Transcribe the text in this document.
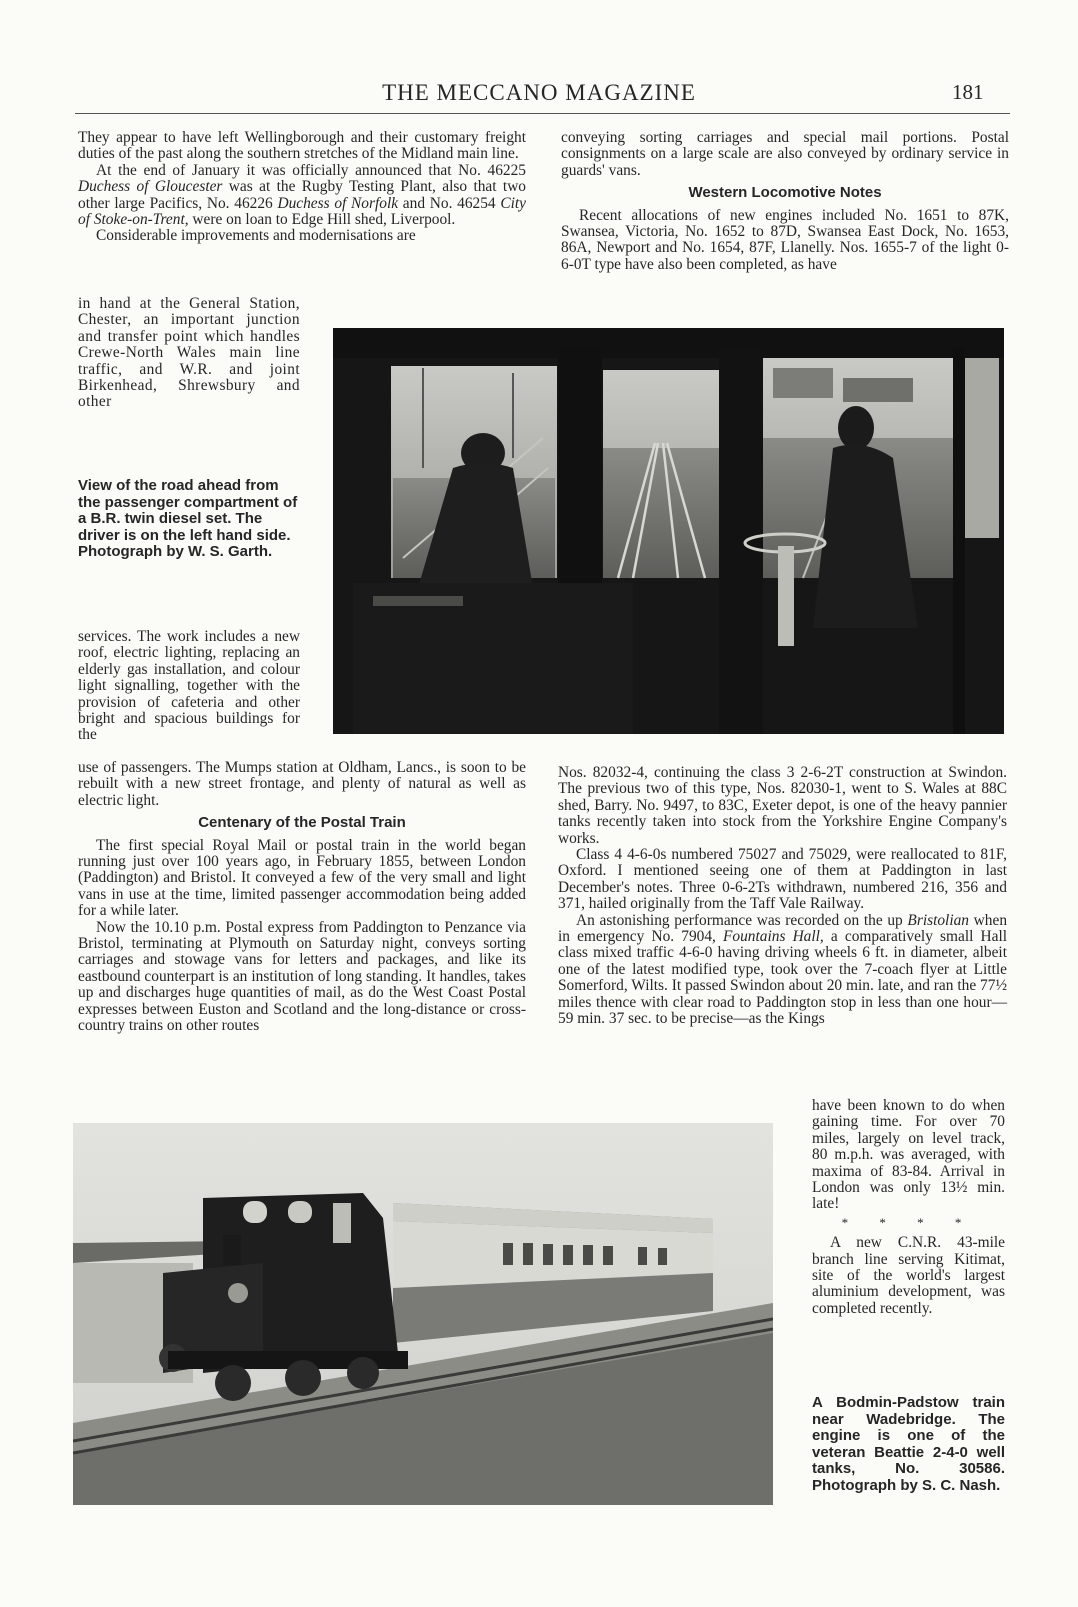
THE MECCANO MAGAZINE	181

They appear to have left Wellingborough and their customary freight duties of the past along the southern stretches of the Midland main line.

At the end of January it was officially announced that No. 46225 Duchess of Gloucester was at the Rugby Testing Plant, also that two other large Pacifics, No. 46226 Duchess of Norfolk and No. 46254 City of Stoke-on-Trent, were on loan to Edge Hill shed, Liverpool.

Considerable improvements and modernisations are

in hand at the General Station, Chester, an important junction and transfer point which handles Crewe-North Wales main line traffic, and W.R. and joint Birkenhead, Shrewsbury and other
View of the road ahead from the passenger compartment of a B.R. twin diesel set. The driver is on the left hand side. Photograph by W. S. Garth.
services. The work includes a new roof, electric lighting, replacing an elderly gas installation, and colour light signalling, together with the provision of cafeteria and other bright and spacious buildings for the

use of passengers. The Mumps station at Oldham, Lancs., is soon to be rebuilt with a new street frontage, and plenty of natural as well as electric light.

Centenary of the Postal Train

The first special Royal Mail or postal train in the world began running just over 100 years ago, in February 1855, between London (Paddington) and Bristol. It conveyed a few of the very small and light vans in use at the time, limited passenger accommodation being added for a while later.

Now the 10.10 p.m. Postal express from Paddington to Penzance via Bristol, terminating at Plymouth on Saturday night, conveys sorting carriages and stowage vans for letters and packages, and like its eastbound counterpart is an institution of long standing. It handles, takes up and discharges huge quantities of mail, as do the West Coast Postal expresses between Euston and Scotland and the long-distance or cross-country trains on other routes

conveying sorting carriages and special mail portions. Postal consignments on a large scale are also conveyed by ordinary service in guards' vans.

Western Locomotive Notes

Recent allocations of new engines included No. 1651 to 87K, Swansea, Victoria, No. 1652 to 87D, Swansea East Dock, No. 1653, 86A, Newport and No. 1654, 87F, Llanelly. Nos. 1655-7 of the light 0-6-0T type have also been completed, as have

Nos. 82032-4, continuing the class 3 2-6-2T construction at Swindon. The previous two of this type, Nos. 82030-1, went to S. Wales at 88C shed, Barry. No. 9497, to 83C, Exeter depot, is one of the heavy pannier tanks recently taken into stock from the Yorkshire Engine Company's works.

Class 4 4-6-0s numbered 75027 and 75029, were reallocated to 81F, Oxford. I mentioned seeing one of them at Paddington in last December's notes. Three 0-6-2Ts withdrawn, numbered 216, 356 and 371, hailed originally from the Taff Vale Railway.

An astonishing performance was recorded on the up Bristolian when in emergency No. 7904, Fountains Hall, a comparatively small Hall class mixed traffic 4-6-0 having driving wheels 6 ft. in diameter, albeit one of the latest modified type, took over the 7-coach flyer at Little Somerford, Wilts. It passed Swindon about 20 min. late, and ran the 77½ miles thence with clear road to Paddington stop in less than one hour—59 min. 37 sec. to be precise—as the Kings

have been known to do when gaining time. For over 70 miles, largely on level track, 80 m.p.h. was averaged, with maxima of 83-84. Arrival in London was only 13½ min. late!

* * * *

A new C.N.R. 43-mile branch line serving Kitimat, site of the world's largest aluminium development, was completed recently.

A Bodmin-Padstow train near Wadebridge. The engine is one of the veteran Beattie 2-4-0 well tanks, No. 30586. Photograph by S. C. Nash.
